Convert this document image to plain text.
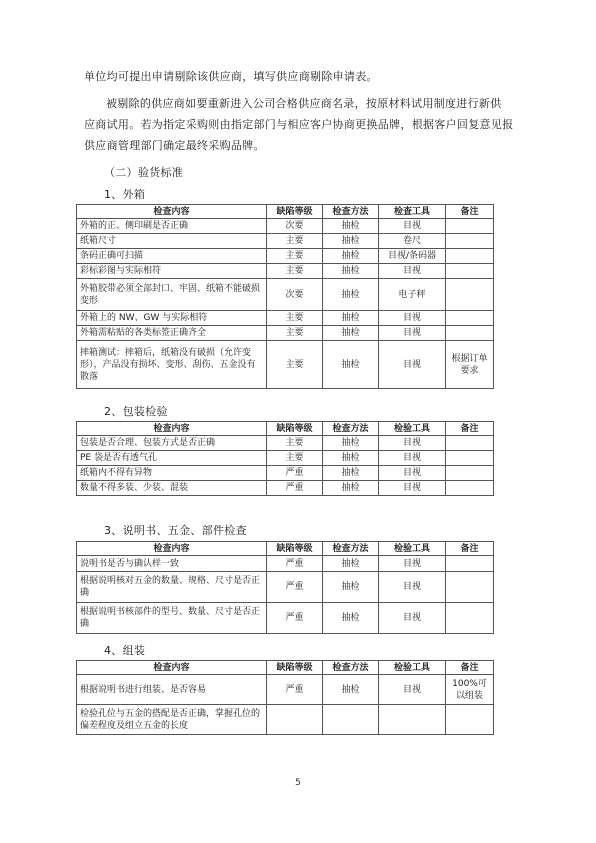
单位均可提出申请剔除该供应商，填写供应商剔除申请表。
被剔除的供应商如要重新进入公司合格供应商名录，按原材料试用制度进行新供
应商试用。若为指定采购则由指定部门与相应客户协商更换品牌，根据客户回复意见报
供应商管理部门确定最终采购品牌。
（二）验货标准
1、外箱
检查内容	缺陷等级	检查方法	检查工具	备注
外箱的正、侧印刷是否正确	次要	抽检	目视	
纸箱尺寸	主要	抽检	卷尺	
条码正确可扫描	主要	抽检	目视/条码器	
彩标彩图与实际相符	主要	抽检	目视	
外箱胶带必须全部封口、牢固、纸箱不能破损变形	次要	抽检	电子秤	
外箱上的 NW、GW 与实际相符	主要	抽检	目视	
外箱需粘贴的各类标签正确齐全	主要	抽检	目视	
摔箱测试：摔箱后，纸箱没有破损（允许变形），产品没有损坏、变形、刮伤、五金没有散落	主要	抽检	目视	根据订单要求
2、包装检验
检查内容	缺陷等级	检查方法	检验工具	备注
包装是否合理、包装方式是否正确	主要	抽检	目视	
PE 袋是否有透气孔	主要	抽检	目视	
纸箱内不得有异物	严重	抽检	目视	
数量不得多装、少装、混装	严重	抽检	目视	
3、说明书、五金、部件检查
检查内容	缺陷等级	检查方法	检验工具	备注
说明书是否与确认样一致	严重	抽检	目视	
根据说明核对五金的数量、规格、尺寸是否正确	严重	抽检	目视	
根据说明书核部件的型号、数量、尺寸是否正确	严重	抽检	目视	
4、组装
检查内容	缺陷等级	检查方法	检验工具	备注
根据说明书进行组装、是否容易	严重	抽检	目视	100%可以组装
检验孔位与五金的搭配是否正确，掌握孔位的偏差程度及组立五金的长度				
5
